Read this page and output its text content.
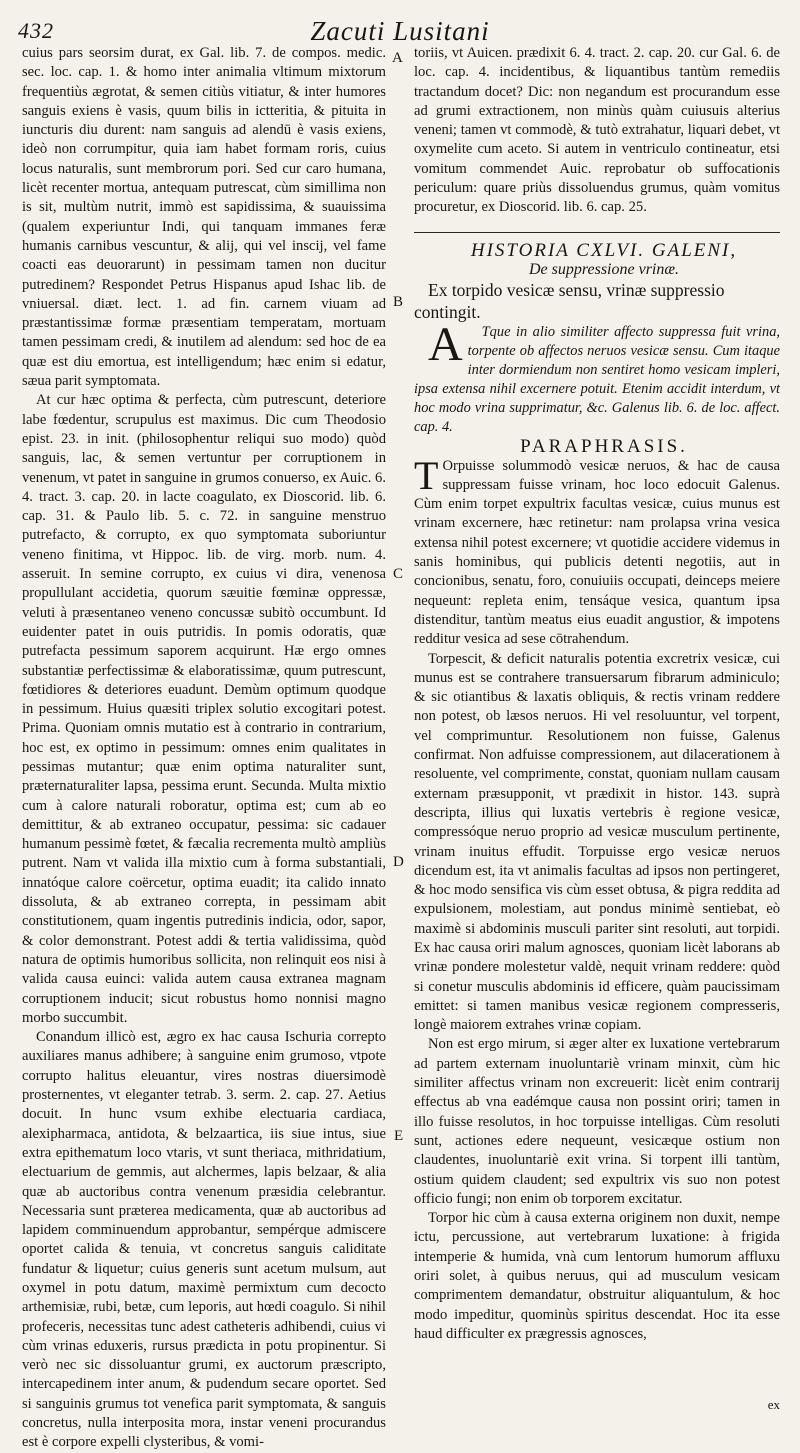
432	Zacuti Lusitani

cuius pars seorsim durat, ex Gal. lib. 7. de compos. medic. sec. loc. cap. 1. & homo inter animalia vltimum mixtorum frequentiùs ægrotat, & semen citiùs vitiatur, & inter humores sanguis exiens è vasis, quum bilis in ictteritia, & pituita in iuncturis diu durent: nam sanguis ad alendū è vasis exiens, ideò non corrumpitur, quia iam habet formam roris, cuius locus naturalis, sunt membrorum pori. Sed cur caro humana, licèt recenter mortua, antequam putrescat, cùm simillima non is sit, multùm nutrit, immò est sapidissima, & suauissima (qualem experiuntur Indi, qui tanquam immanes feræ humanis carnibus vescuntur, & alij, qui vel inscij, vel fame coacti eas deuorarunt) in pessimam tamen non ducitur putredinem? Respondet Petrus Hispanus apud Ishac lib. de vniuersal. diæt. lect. 1. ad fin. carnem viuam ad præstantissimæ formæ præsentiam temperatam, mortuam tamen pessimam credi, & inutilem ad alendum: sed hoc de ea quæ est diu emortua, est intelligendum; hæc enim si edatur, sæua parit symptomata.

At cur hæc optima & perfecta, cùm putrescunt, deteriore labe fœdentur, scrupulus est maximus. Dic cum Theodosio epist. 23. in init. (philosophentur reliqui suo modo) quòd sanguis, lac, & semen vertuntur per corruptionem in venenum, vt patet in sanguine in grumos conuerso, ex Auic. 6. 4. tract. 3. cap. 20. in lacte coagulato, ex Dioscorid. lib. 6. cap. 31. & Paulo lib. 5. c. 72. in sanguine menstruo putrefacto, & corrupto, ex quo symptomata suboriuntur veneno finitima, vt Hippoc. lib. de virg. morb. num. 4. asseruit. In semine corrupto, ex cuius vi dira, venenosa propullulant accidetia, quorum sæuitie fœminæ oppressæ, veluti à præsentaneo veneno concussæ subitò occumbunt. Id euidenter patet in ouis putridis. In pomis odoratis, quæ putrefacta pessimum saporem acquirunt. Hæ ergo omnes substantiæ perfectissimæ & elaboratissimæ, quum putrescunt, fœtidiores & deteriores euadunt. Demùm optimum quodque in pessimum. Huius quæsiti triplex solutio excogitari potest. Prima. Quoniam omnis mutatio est à contrario in contrarium, hoc est, ex optimo in pessimum: omnes enim qualitates in pessimas mutantur; quæ enim optima naturaliter sunt, præternaturaliter lapsa, pessima erunt. Secunda. Multa mixtio cum à calore naturali roboratur, optima est; cum ab eo demittitur, & ab extraneo occupatur, pessima: sic cadauer humanum pessimè fœtet, & fæcalia recrementa multò ampliùs putrent. Nam vt valida illa mixtio cum à forma substantiali, innatóque calore coërcetur, optima euadit; ita calido innato dissoluta, & ab extraneo correpta, in pessimam abit constitutionem, quam ingentis putredinis indicia, odor, sapor, & color demonstrant. Potest addi & tertia validissima, quòd natura de optimis humoribus sollicita, non relinquit eos nisi à valida causa euinci: valida autem causa extranea magnam corruptionem inducit; sicut robustus homo nonnisi magno morbo succumbit.

Conandum illicò est, ægro ex hac causa Ischuria correpto auxiliares manus adhibere; à sanguine enim grumoso, vtpote corrupto halitus eleuantur, vires nostras diuersimodè prosternentes, vt eleganter tetrab. 3. serm. 2. cap. 27. Aetius docuit. In hunc vsum exhibe electuaria cardiaca, alexipharmaca, antidota, & belzaartica, iis siue intus, siue extra epithematum loco vtaris, vt sunt theriaca, mithridatium, electuarium de gemmis, aut alchermes, lapis belzaar, & alia quæ ab auctoribus contra venenum præsidia celebrantur. Necessaria sunt præterea medicamenta, quæ ab auctoribus ad lapidem comminuendum approbantur, sempérque admiscere oportet calida & tenuia, vt concretus sanguis caliditate fundatur & liquetur; cuius generis sunt acetum mulsum, aut oxymel in potu datum, maximè permixtum cum decocto arthemisiæ, rubi, betæ, cum leporis, aut hœdi coagulo. Si nihil profeceris, necessitas tunc adest catheteris adhibendi, cuius vi cùm vrinas eduxeris, rursus prædicta in potu propinentur. Si verò nec sic dissoluantur grumi, ex auctorum præscripto, intercapedinem inter anum, & pudendum secare oportet. Sed si sanguinis grumus tot venefica parit symptomata, & sanguis concretus, nulla interposita mora, instar veneni procurandus est è corpore expelli clysteribus, & vomi-

A
B
C
D
E

toriis, vt Auicen. prædixit 6. 4. tract. 2. cap. 20. cur Gal. 6. de loc. cap. 4. incidentibus, & liquantibus tantùm remediis tractandum docet? Dic: non negandum est procurandum esse ad grumi extractionem, non minùs quàm cuiusuis alterius veneni; tamen vt commodè, & tutò extrahatur, liquari debet, vt oxymelite cum aceto. Si autem in ventriculo contineatur, etsi vomitum commendet Auic. reprobatur ob suffocationis periculum: quare priùs dissoluendus grumus, quàm vomitus procuretur, ex Dioscorid. lib. 6. cap. 25.

HISTORIA CXLVI. GALENI,

De suppressione vrinæ.

Ex torpido vesicæ sensu, vrinæ suppressio contingit.

A	Tque in alio similiter affecto suppressa fuit vrina, torpente ob affectos neruos vesicæ sensu. Cum itaque inter dormiendum non sentiret homo vesicam impleri, ipsa extensa nihil excernere potuit. Etenim accidit interdum, vt hoc modo vrina supprimatur, &c. Galenus lib. 6. de loc. affect. cap. 4.

PARAPHRASIS.

T Orpuisse solummodò vesicæ neruos, & hac de causa suppressam fuisse vrinam, hoc loco edocuit Galenus. Cùm enim torpet expultrix facultas vesicæ, cuius munus est vrinam excernere, hæc retinetur: nam prolapsa vrina vesica extensa nihil potest excernere; vt quotidie accidere videmus in sanis hominibus, qui publicis detenti negotiis, aut in concionibus, senatu, foro, conuiuiis occupati, deinceps meiere nequeunt: repleta enim, tensáque vesica, quantum ipsa distenditur, tantùm meatus eius euadit angustior, & impotens redditur vesica ad sese cōtrahendum.

Torpescit, & deficit naturalis potentia excretrix vesicæ, cui munus est se contrahere transuersarum fibrarum adminiculo; & sic otiantibus & laxatis obliquis, & rectis vrinam reddere non potest, ob læsos neruos. Hi vel resoluuntur, vel torpent, vel comprimuntur. Resolutionem non fuisse, Galenus confirmat. Non adfuisse compressionem, aut dilacerationem à resoluente, vel comprimente, constat, quoniam nullam causam externam præsupponit, vt prædixit in histor. 143. suprà descripta, illius qui luxatis vertebris è regione vesicæ, compressóque neruo proprio ad vesicæ musculum pertinente, vrinam inuitus effudit. Torpuisse ergo vesicæ neruos dicendum est, ita vt animalis facultas ad ipsos non pertingeret, & hoc modo sensifica vis cùm esset obtusa, & pigra reddita ad expulsionem, molestiam, aut pondus minimè sentiebat, eò maximè si abdominis musculi pariter sint resoluti, aut torpidi. Ex hac causa oriri malum agnosces, quoniam licèt laborans ab vrinæ pondere molestetur valdè, nequit vrinam reddere: quòd si conetur musculis abdominis id efficere, quàm paucissimam emittet: si tamen manibus vesicæ regionem compresseris, longè maiorem extrahes vrinæ copiam.

Non est ergo mirum, si æger alter ex luxatione vertebrarum ad partem externam inuoluntariè vrinam minxit, cùm hic similiter affectus vrinam non excreuerit: licèt enim contrarij effectus ab vna eadémque causa non possint oriri; tamen in illo fuisse resolutos, in hoc torpuisse intelligas. Cùm resoluti sunt, actiones edere nequeunt, vesicæque ostium non claudentes, inuoluntariè exit vrina. Si torpent illi tantùm, ostium quidem claudent; sed expultrix vis suo non potest officio fungi; non enim ob torporem excitatur.

Torpor hic cùm à causa externa originem non duxit, nempe ictu, percussione, aut vertebrarum luxatione: à frigida intemperie & humida, vnà cum lentorum humorum affluxu oriri solet, à quibus neruus, qui ad musculum vesicam comprimentem demandatur, obstruitur aliquantulum, & hoc modo impeditur, quominùs spiritus descendat. Hoc ita esse haud difficulter ex prægressis agnosces,

ex
